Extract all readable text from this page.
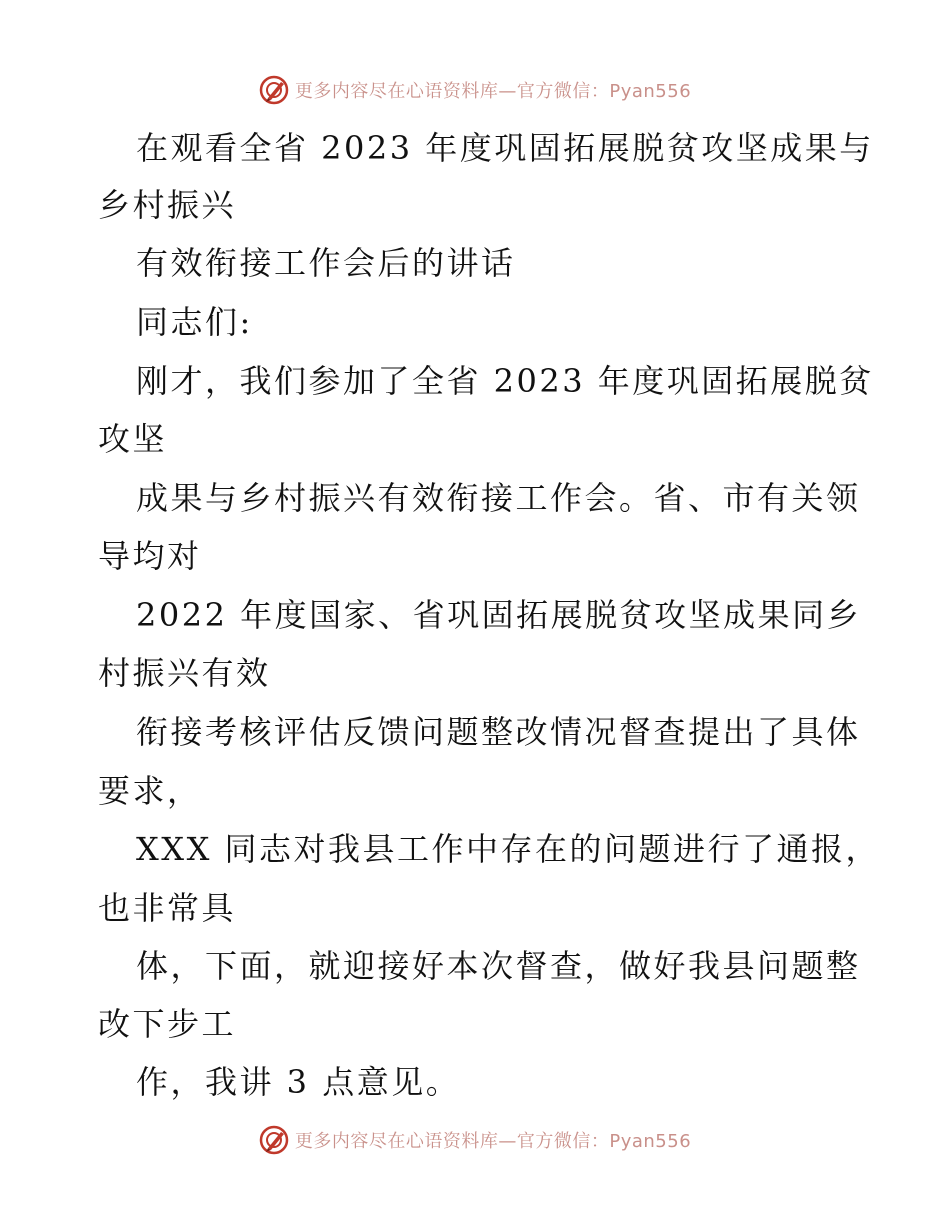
更多内容尽在心语资料库—官方微信：Pyan556
在观看全省 2023 年度巩固拓展脱贫攻坚成果与
乡村振兴
有效衔接工作会后的讲话
同志们:
刚才，我们参加了全省 2023 年度巩固拓展脱贫
攻坚
成果与乡村振兴有效衔接工作会。省、市有关领
导均对
2022 年度国家、省巩固拓展脱贫攻坚成果同乡
村振兴有效
衔接考核评估反馈问题整改情况督查提出了具体
要求，
XXX 同志对我县工作中存在的问题进行了通报，
也非常具
体，下面，就迎接好本次督查，做好我县问题整
改下步工
作，我讲 3 点意见。
更多内容尽在心语资料库—官方微信：Pyan556
